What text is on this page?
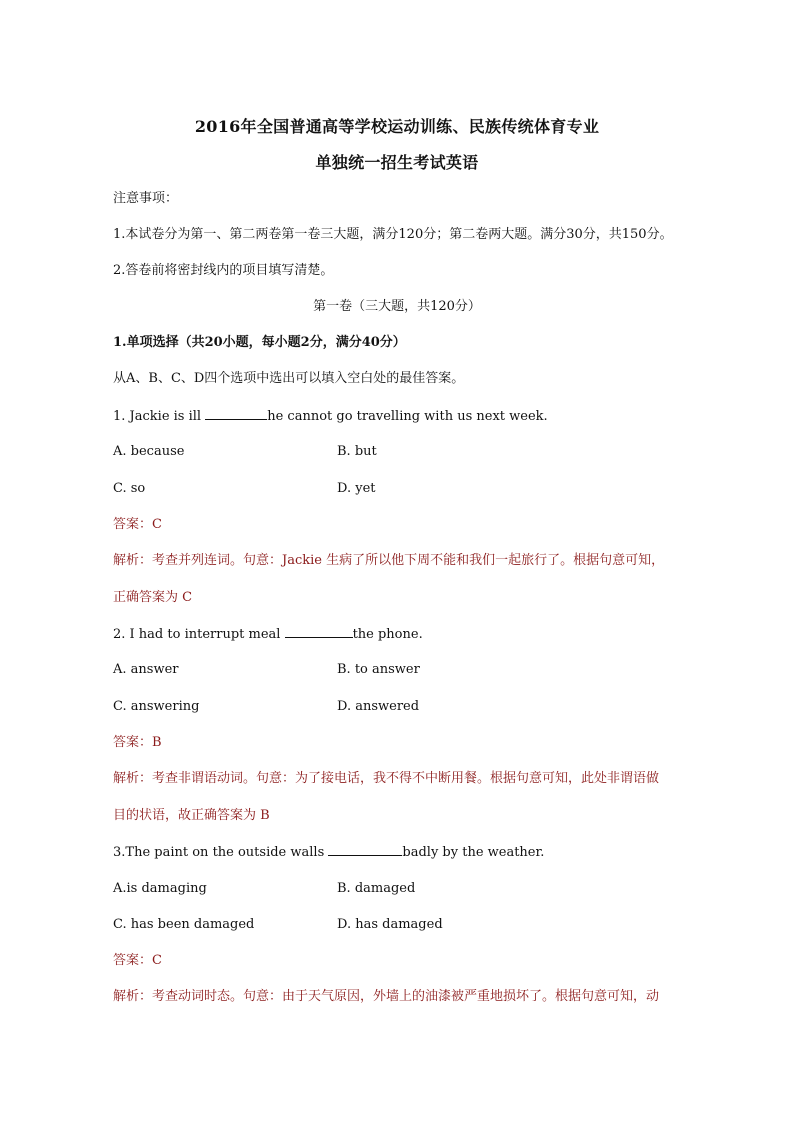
2016年全国普通高等学校运动训练、民族传统体育专业
单独统一招生考试英语
注意事项：
1.本试卷分为第一、第二两卷第一卷三大题，满分120分；第二卷两大题。满分30分，共150分。
2.答卷前将密封线内的项目填写清楚。
第一卷（三大题，共120分）
1.单项选择（共20小题，每小题2分，满分40分）
从A、B、C、D四个选项中选出可以填入空白处的最佳答案。
1. Jackie is ill	he cannot go travelling with us next week.
A. because	B. but
C. so	D. yet
答案：C
解析：考查并列连词。句意：Jackie 生病了所以他下周不能和我们一起旅行了。根据句意可知，
正确答案为 C
2. I had to interrupt meal	the phone.
A. answer	B. to answer
C. answering	D. answered
答案：B
解析：考查非谓语动词。句意：为了接电话，我不得不中断用餐。根据句意可知，此处非谓语做
目的状语，故正确答案为 B
3.The paint on the outside walls	badly by the weather.
A.is damaging	B. damaged
C. has been damaged	D. has damaged
答案：C
解析：考查动词时态。句意：由于天气原因，外墙上的油漆被严重地损坏了。根据句意可知，动
